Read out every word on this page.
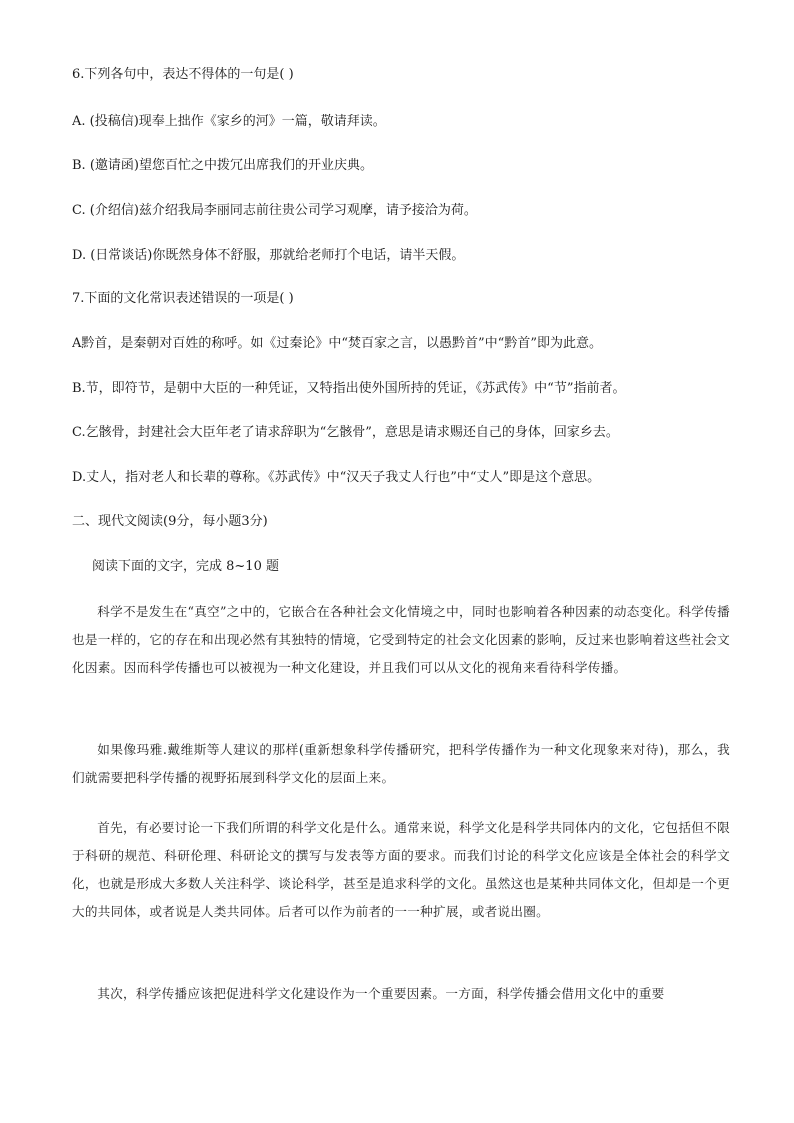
6.下列各句中，表达不得体的一句是( )
A. (投稿信)现奉上拙作《家乡的河》一篇，敬请拜读。
B. (邀请函)望您百忙之中拨冗出席我们的开业庆典。
C. (介绍信)兹介绍我局李丽同志前往贵公司学习观摩，请予接洽为荷。
D. (日常谈话)你既然身体不舒服，那就给老师打个电话，请半天假。
7.下面的文化常识表述错误的一项是( )
A黔首，是秦朝对百姓的称呼。如《过秦论》中“焚百家之言，以愚黔首”中“黔首”即为此意。
B.节，即符节，是朝中大臣的一种凭证，又特指出使外国所持的凭证，《苏武传》中“节”指前者。
C.乞骸骨，封建社会大臣年老了请求辞职为“乞骸骨”，意思是请求赐还自己的身体，回家乡去。
D.丈人，指对老人和长辈的尊称。《苏武传》中“汉天子我丈人行也”中“丈人”即是这个意思。
二、现代文阅读(9分，每小题3分)
阅读下面的文字，完成 8~10 题
科学不是发生在“真空”之中的，它嵌合在各种社会文化情境之中，同时也影响着各种因素的动态变化。科学传播也是一样的，它的存在和出现必然有其独特的情境，它受到特定的社会文化因素的影响，反过来也影响着这些社会文化因素。因而科学传播也可以被视为一种文化建设，并且我们可以从文化的视角来看待科学传播。
如果像玛雅.戴维斯等人建议的那样(重新想象科学传播研究，把科学传播作为一种文化现象来对待)，那么，我们就需要把科学传播的视野拓展到科学文化的层面上来。
首先，有必要讨论一下我们所谓的科学文化是什么。通常来说，科学文化是科学共同体内的文化，它包括但不限于科研的规范、科研伦理、科研论文的撰写与发表等方面的要求。而我们讨论的科学文化应该是全体社会的科学文化，也就是形成大多数人关注科学、谈论科学，甚至是追求科学的文化。虽然这也是某种共同体文化，但却是一个更大的共同体，或者说是人类共同体。后者可以作为前者的一一种扩展，或者说出圈。
其次，科学传播应该把促进科学文化建设作为一个重要因素。一方面，科学传播会借用文化中的重要
